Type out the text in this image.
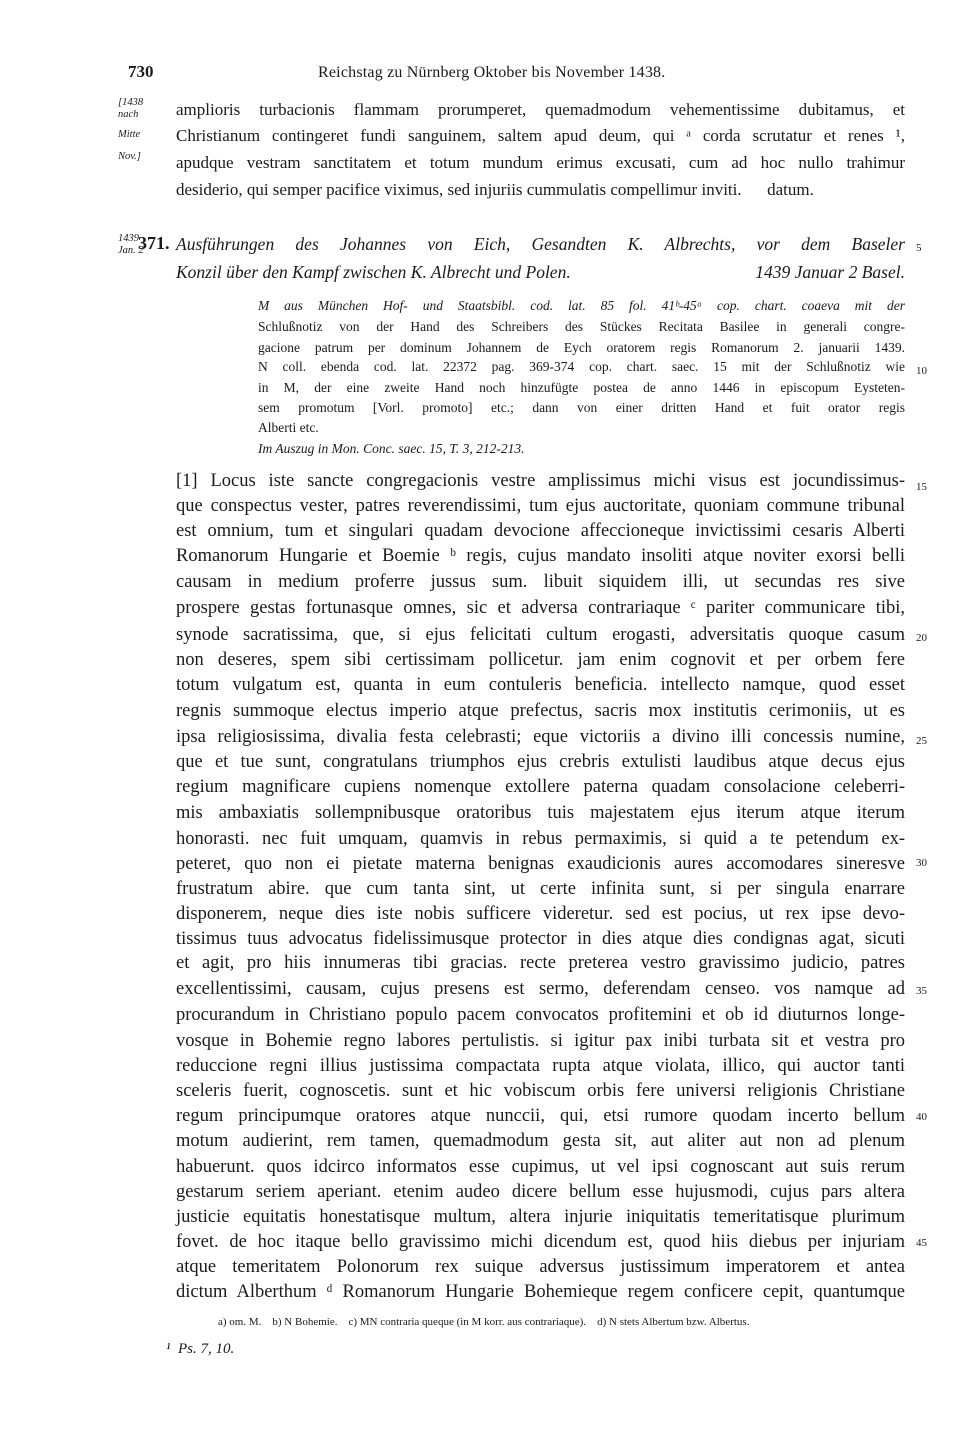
730	Reichstag zu Nürnberg Oktober bis November 1438.
[1438
nach
Mitte
Nov.]
1439
Jan. 2	5
10
15
20
25
30
35
40
45
amplioris turbacionis flammam prorumperet, quemadmodum vehementissime dubitamus, et
Christianum contingeret fundi sanguinem, saltem apud deum, qui ᵃ corda scrutatur et renes ¹,
apudque vestram sanctitatem et totum mundum erimus excusati, cum ad hoc nullo trahimur
desiderio, qui semper pacifice viximus, sed injuriis cummulatis compellimur inviti.      datum.
371. Ausführungen des Johannes von Eich, Gesandten K. Albrechts, vor dem Baseler
Konzil über den Kampf zwischen K. Albrecht und Polen.	1439 Januar 2 Basel.
M aus München Hof- und Staatsbibl. cod. lat. 85 fol. 41ᵇ-45ᵃ cop. chart. coaeva mit der
Schlußnotiz von der Hand des Schreibers des Stückes Recitata Basilee in generali congre-
gacione patrum per dominum Johannem de Eych oratorem regis Romanorum 2. januarii 1439.
N coll. ebenda cod. lat. 22372 pag. 369-374 cop. chart. saec. 15 mit der Schlußnotiz wie
in M, der eine zweite Hand noch hinzufügte postea de anno 1446 in episcopum Eysteten-
sem promotum [Vorl. promoto] etc.; dann von einer dritten Hand et fuit orator regis
Alberti etc.
Im Auszug in Mon. Conc. saec. 15, T. 3, 212-213.
[1] Locus iste sancte congregacionis vestre amplissimus michi visus est jocundissimus-
que conspectus vester, patres reverendissimi, tum ejus auctoritate, quoniam commune tribunal
est omnium, tum et singulari quadam devocione affeccioneque invictissimi cesaris Alberti
Romanorum Hungarie et Boemie ᵇ regis, cujus mandato insoliti atque noviter exorsi belli
causam in medium proferre jussus sum. libuit siquidem illi, ut secundas res sive
prospere gestas fortunasque omnes, sic et adversa contrariaque ᶜ pariter communicare tibi,
synode sacratissima, que, si ejus felicitati cultum erogasti, adversitatis quoque casum
non deseres, spem sibi certissimam pollicetur. jam enim cognovit et per orbem fere
totum vulgatum est, quanta in eum contuleris beneficia. intellecto namque, quod esset
regnis summoque electus imperio atque prefectus, sacris mox institutis cerimoniis, ut es
ipsa religiosissima, divalia festa celebrasti; eque victoriis a divino illi concessis numine,
que et tue sunt, congratulans triumphos ejus crebris extulisti laudibus atque decus ejus
regium magnificare cupiens nomenque extollere paterna quadam consolacione celeberri-
mis ambaxiatis sollempnibusque oratoribus tuis majestatem ejus iterum atque iterum
honorasti. nec fuit umquam, quamvis in rebus permaximis, si quid a te petendum ex-
peteret, quo non ei pietate materna benignas exaudicionis aures accomodares sineresve
frustratum abire. que cum tanta sint, ut certe infinita sunt, si per singula enarrare
disponerem, neque dies iste nobis sufficere videretur. sed est pocius, ut rex ipse devo-
tissimus tuus advocatus fidelissimusque protector in dies atque dies condignas agat, sicuti
et agit, pro hiis innumeras tibi gracias. recte preterea vestro gravissimo judicio, patres
excellentissimi, causam, cujus presens est sermo, deferendam censeo. vos namque ad
procurandum in Christiano populo pacem convocatos profitemini et ob id diuturnos longe-
vosque in Bohemie regno labores pertulistis. si igitur pax inibi turbata sit et vestra pro
reduccione regni illius justissima compactata rupta atque violata, illico, qui auctor tanti
sceleris fuerit, cognoscetis. sunt et hic vobiscum orbis fere universi religionis Christiane
regum principumque oratores atque nunccii, qui, etsi rumore quodam incerto bellum
motum audierint, rem tamen, quemadmodum gesta sit, aut aliter aut non ad plenum
habuerunt. quos idcirco informatos esse cupimus, ut vel ipsi cognoscant aut suis rerum
gestarum seriem aperiant. etenim audeo dicere bellum esse hujusmodi, cujus pars altera
justicie equitatis honestatisque multum, altera injurie iniquitatis temeritatisque plurimum
fovet. de hoc itaque bello gravissimo michi dicendum est, quod hiis diebus per injuriam
atque temeritatem Polonorum rex suique adversus justissimum imperatorem et antea
dictum Alberthum ᵈ Romanorum Hungarie Bohemieque regem conficere cepit, quantumque
a) om. M.    b) N Bohemie.    c) MN contraria queque (in M korr. aus contrariaque).    d) N stets Albertum bzw. Albertus.
¹  Ps. 7, 10.
